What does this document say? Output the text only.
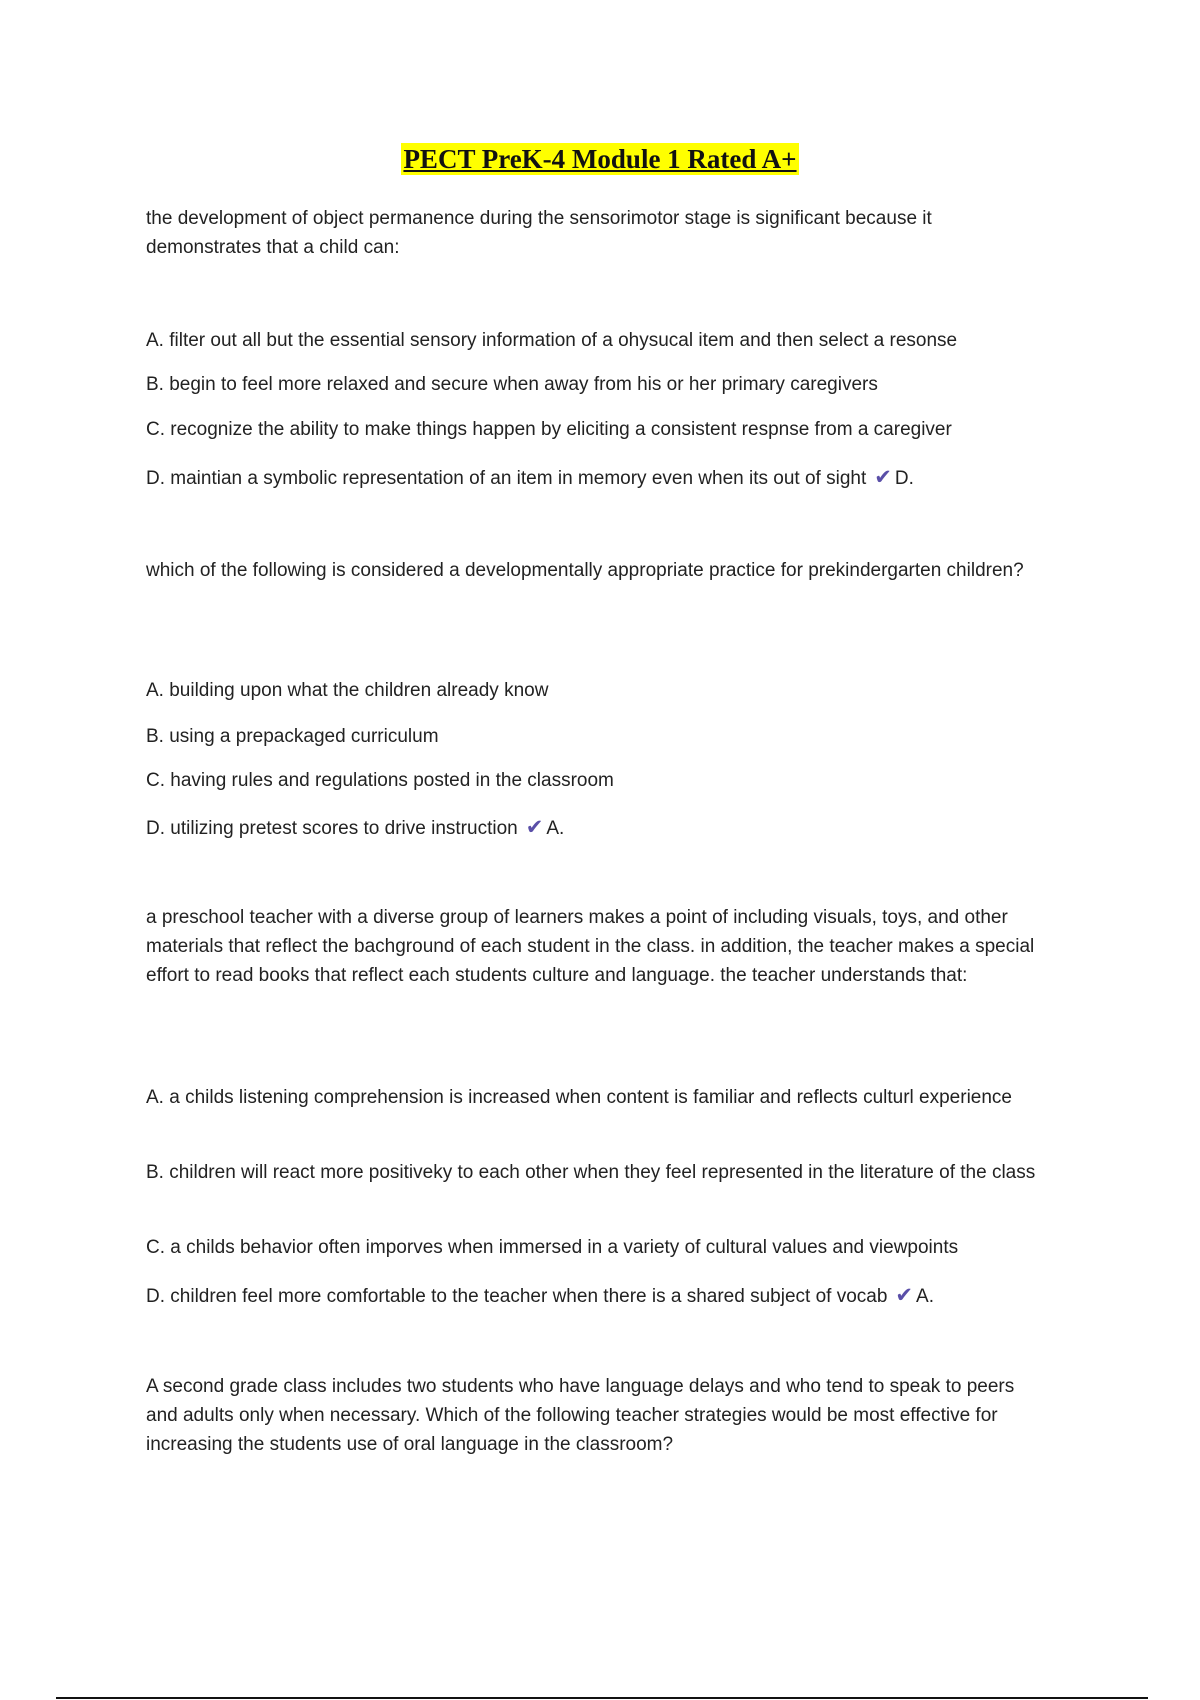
PECT PreK-4 Module 1 Rated A+
the development of object permanence during the sensorimotor stage is significant because it demonstrates that a child can:

A. filter out all but the essential sensory information of a ohysucal item and then select a resonse

B. begin to feel more relaxed and secure when away from his or her primary caregivers

C. recognize the ability to make things happen by eliciting a consistent respnse from a caregiver

D. maintian a symbolic representation of an item in memory even when its out of sight ✔ D.
which of the following is considered a developmentally appropriate practice for prekindergarten children?

A. building upon what the children already know

B. using a prepackaged curriculum

C. having rules and regulations posted in the classroom

D. utilizing pretest scores to drive instruction ✔ A.
a preschool teacher with a diverse group of learners makes a point of including visuals, toys, and other materials that reflect the bachground of each student in the class. in addition, the teacher makes a special effort to read books that reflect each students culture and language. the teacher understands that:

A. a childs listening comprehension is increased when content is familiar and reflects culturl experience

B. children will react more positiveky to each other when they feel represented in the literature of the class

C. a childs behavior often imporves when immersed in a variety of cultural values and viewpoints

D. children feel more comfortable to the teacher when there is a shared subject of vocab ✔ A.
A second grade class includes two students who have language delays and who tend to speak to peers and adults only when necessary. Which of the following teacher strategies would be most effective for increasing the students use of oral language in the classroom?
